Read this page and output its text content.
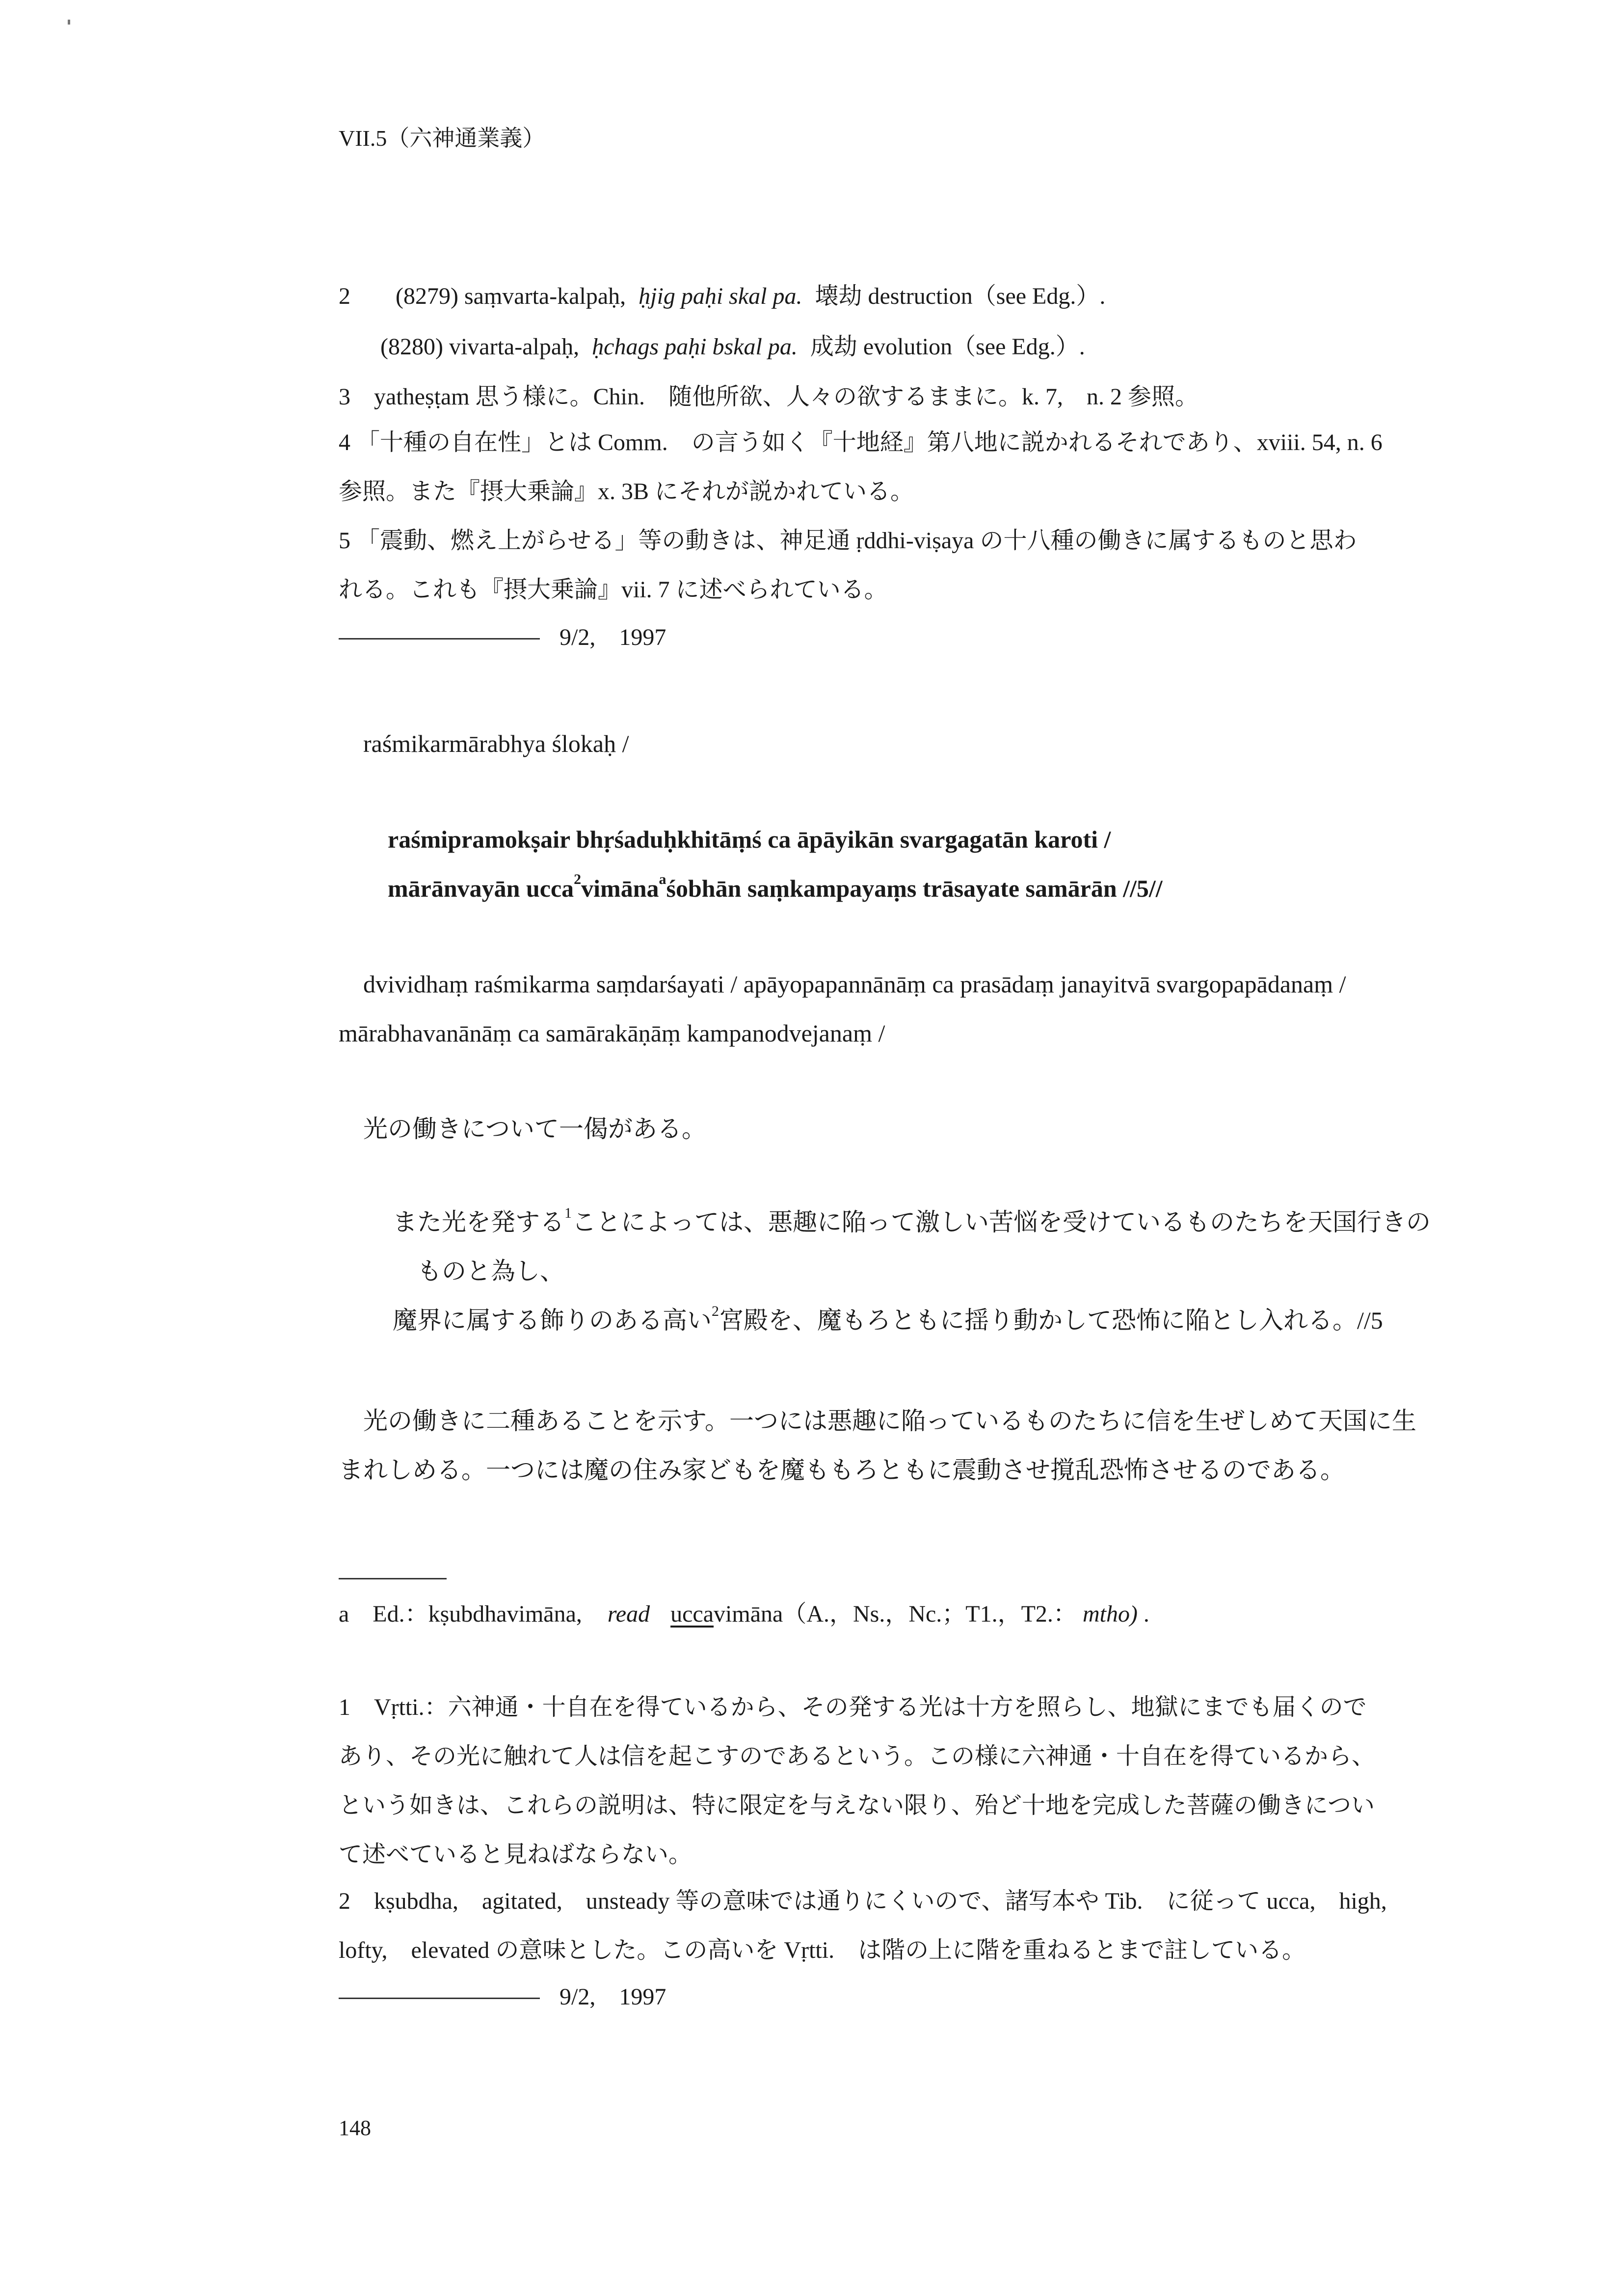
VII.5（六神通業義）
2 (8279) saṃvarta-kalpaḥ, ḥjig paḥi skal pa. 壊劫 destruction（see Edg.）.
(8280) vivarta-alpaḥ, ḥchags paḥi bskal pa. 成劫 evolution（see Edg.）.
3　yatheṣṭam 思う様に。Chin.　随他所欲、人々の欲するままに。k. 7,　n. 2 参照。
4 「十種の自在性」とは Comm.　の言う如く『十地経』第八地に説かれるそれであり、xviii. 54, n. 6
参照。また『摂大乗論』x. 3B にそれが説かれている。
5 「震動、燃え上がらせる」等の動きは、神足通 ṛddhi-viṣaya の十八種の働きに属するものと思わ
れる。これも『摂大乗論』vii. 7 に述べられている。
9/2,　1997
raśmikarmārabhya ślokaḥ /
raśmipramokṣair bhṛśaduḥkhitāṃś ca āpāyikān svargagatān karoti /
mārānvayān ucca$^2$vimāna$^a$śobhān saṃkampayaṃs trāsayate samārān //5//
dvividhaṃ raśmikarma saṃdarśayati / apāyopapannānāṃ ca prasādaṃ janayitvā svargopapādanaṃ /
mārabhavanānāṃ ca samārakāṇāṃ kampanodvejanaṃ /
光の働きについて一偈がある。
また光を発する$^1$ことによっては、悪趣に陥って激しい苦悩を受けているものたちを天国行きの
ものと為し、
魔界に属する飾りのある高い$^2$宮殿を、魔もろともに揺り動かして恐怖に陥とし入れる。//5
光の働きに二種あることを示す。一つには悪趣に陥っているものたちに信を生ぜしめて天国に生
まれしめる。一つには魔の住み家どもを魔ももろともに震動させ撹乱恐怖させるのである。
a　Ed.：kṣubdhavimāna, read uccavimāna（A.，Ns.，Nc.；T1.，T2.： mtho) .
1　Vṛtti.：六神通・十自在を得ているから、その発する光は十方を照らし、地獄にまでも届くので
あり、その光に触れて人は信を起こすのであるという。この様に六神通・十自在を得ているから、
という如きは、これらの説明は、特に限定を与えない限り、殆ど十地を完成した菩薩の働きについ
て述べていると見ねばならない。
2　kṣubdha,　agitated,　unsteady 等の意味では通りにくいので、諸写本や Tib.　に従って ucca,　high,
lofty,　elevated の意味とした。この高いを Vṛtti.　は階の上に階を重ねるとまで註している。
9/2,　1997
148
